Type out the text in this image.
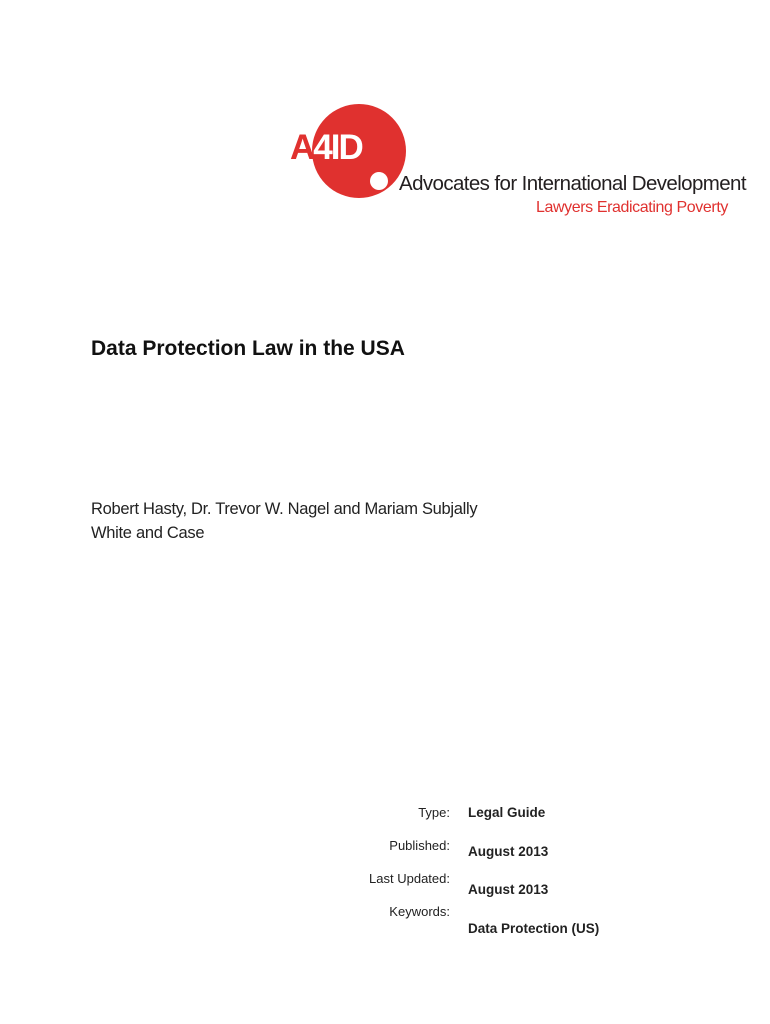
A4ID
Advocates for International Development
Lawyers Eradicating Poverty
Data Protection Law in the USA
Robert Hasty, Dr. Trevor W. Nagel and Mariam Subjally
White and Case
Type: Legal Guide
Published: August 2013
Last Updated:
August 2013
Keywords:
Data Protection (US)
